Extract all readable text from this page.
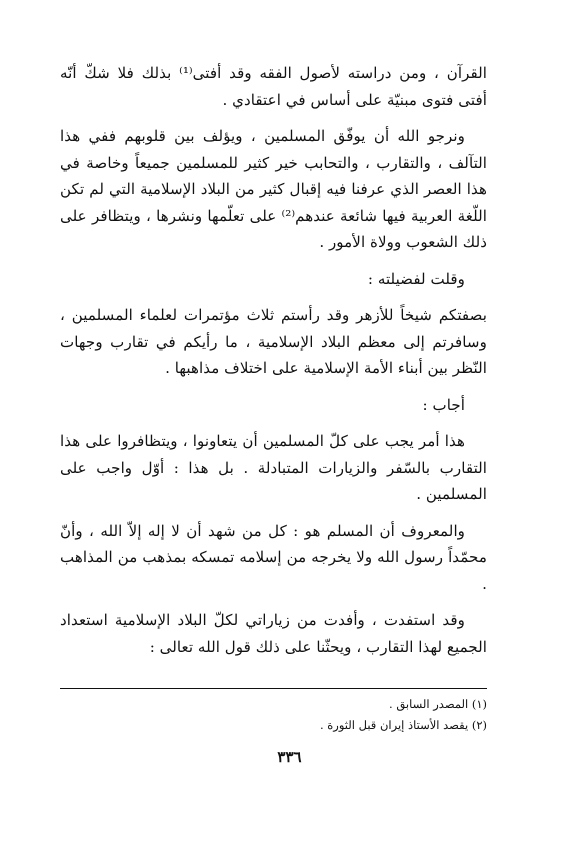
القرآن ، ومن دراسته لأصول الفقه وقد أفتى⁽¹⁾ بذلك فلا شكّ أنّه أفتى فتوى مبنيّة على أساس في اعتقادي .

ونرجو الله أن يوفّق المسلمين ، ويؤلف بين قلوبهم ففي هذا التآلف ، والتقارب ، والتحابب خير كثير للمسلمين جميعاً وخاصة في هذا العصر الذي عرفنا فيه إقبال كثير من البلاد الإسلامية التي لم تكن اللّغة العربية فيها شائعة عندهم⁽²⁾ على تعلّمها ونشرها ، ويتظافر على ذلك الشعوب وولاة الأمور .

وقلت لفضيلته :

بصفتكم شيخاً للأزهر وقد رأستم ثلاث مؤتمرات لعلماء المسلمين ، وسافرتم إلى معظم البلاد الإسلامية ، ما رأيكم في تقارب وجهات النّظر بين أبناء الأمة الإسلامية على اختلاف مذاهبها .

أجاب :

هذا أمر يجب على كلّ المسلمين أن يتعاونوا ، ويتظافروا على هذا التقارب بالسّفر والزيارات المتبادلة . بل هذا : أوّل واجب على المسلمين .

والمعروف أن المسلم هو : كل من شهد أن لا إله إلاّ الله ، وأنّ محمّداً رسول الله ولا يخرجه من إسلامه تمسكه بمذهب من المذاهب .

وقد استفدت ، وأفدت من زياراتي لكلّ البلاد الإسلامية استعداد الجميع لهذا التقارب ، ويحثّنا على ذلك قول الله تعالى :

(١) المصدر السابق .

(٢) يقصد الأستاذ إيران قبل الثورة .

٣٣٦
